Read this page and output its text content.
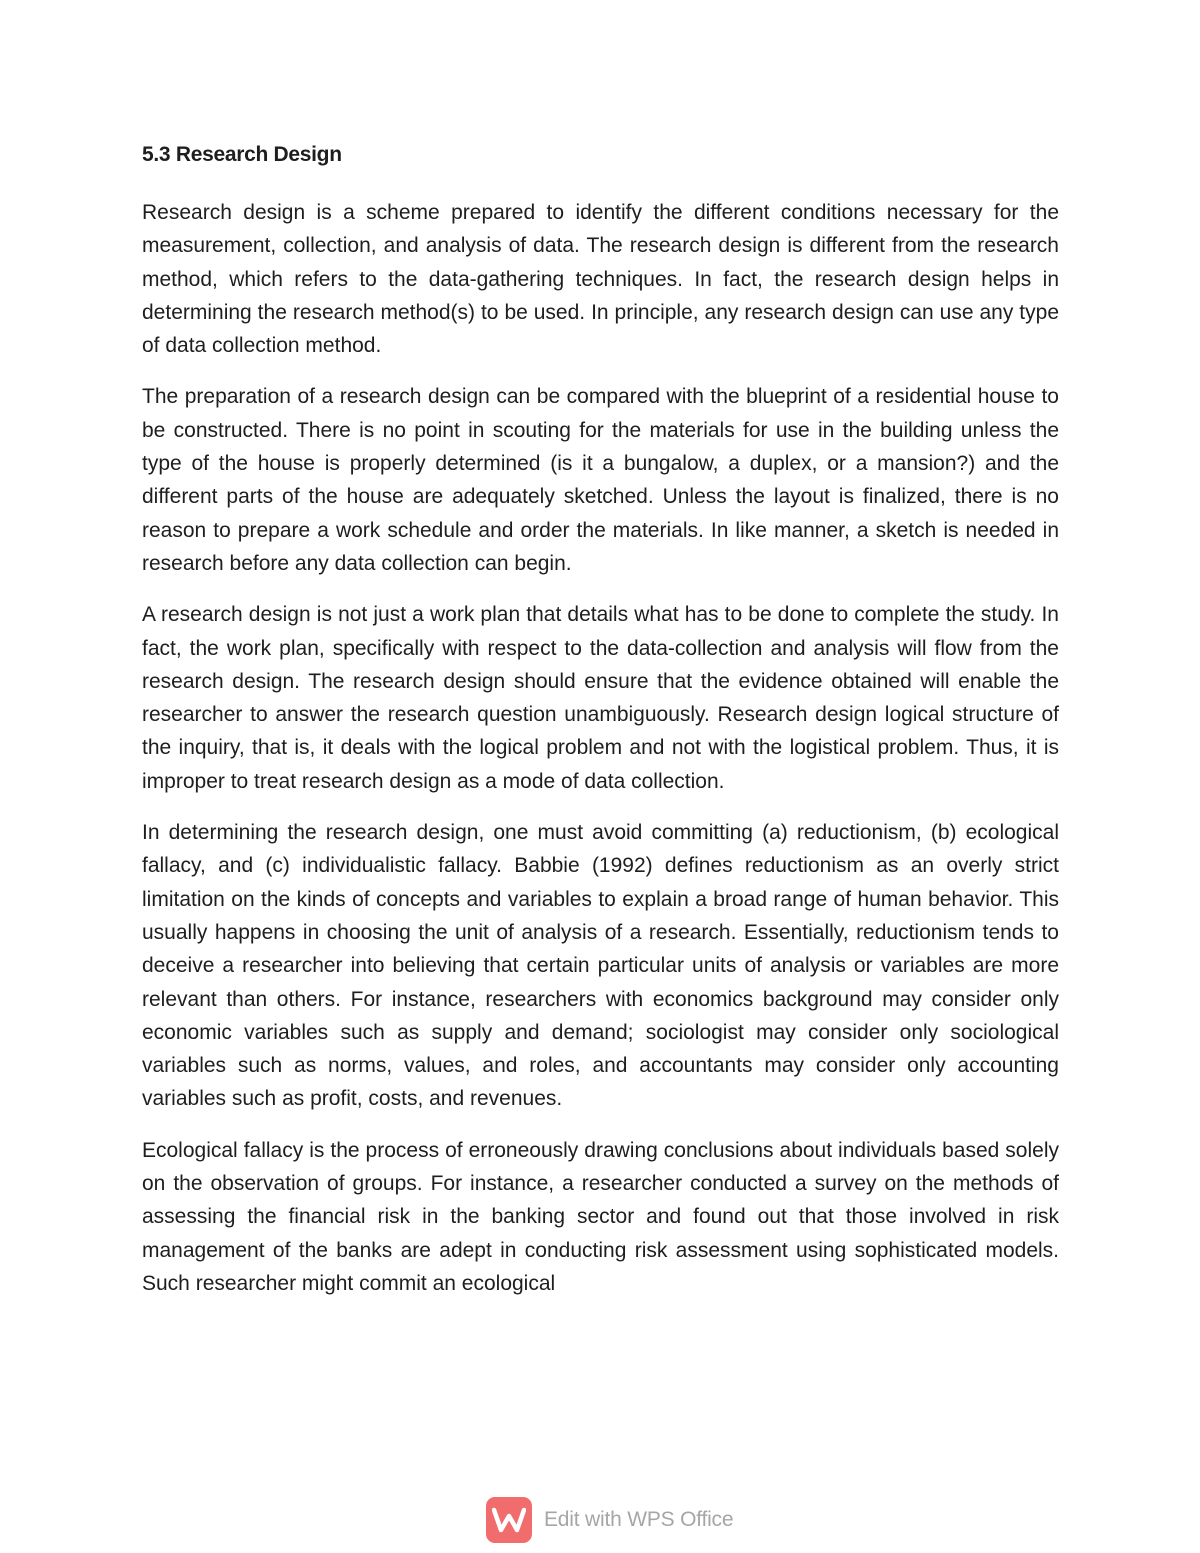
5.3 Research Design

Research design is a scheme prepared to identify the different conditions necessary for the measurement, collection, and analysis of data. The research design is different from the research method, which refers to the data-gathering techniques. In fact, the research design helps in determining the research method(s) to be used. In principle, any research design can use any type of data collection method.

The preparation of a research design can be compared with the blueprint of a residential house to be constructed. There is no point in scouting for the materials for use in the building unless the type of the house is properly determined (is it a bungalow, a duplex, or a mansion?) and the different parts of the house are adequately sketched. Unless the layout is finalized, there is no reason to prepare a work schedule and order the materials. In like manner, a sketch is needed in research before any data collection can begin.

A research design is not just a work plan that details what has to be done to complete the study. In fact, the work plan, specifically with respect to the data-collection and analysis will flow from the research design. The research design should ensure that the evidence obtained will enable the researcher to answer the research question unambiguously. Research design logical structure of the inquiry, that is, it deals with the logical problem and not with the logistical problem. Thus, it is improper to treat research design as a mode of data collection.

In determining the research design, one must avoid committing (a) reductionism, (b) ecological fallacy, and (c) individualistic fallacy. Babbie (1992) defines reductionism as an overly strict limitation on the kinds of concepts and variables to explain a broad range of human behavior. This usually happens in choosing the unit of analysis of a research. Essentially, reductionism tends to deceive a researcher into believing that certain particular units of analysis or variables are more relevant than others. For instance, researchers with economics background may consider only economic variables such as supply and demand; sociologist may consider only sociological variables such as norms, values, and roles, and accountants may consider only accounting variables such as profit, costs, and revenues.

Ecological fallacy is the process of erroneously drawing conclusions about individuals based solely on the observation of groups. For instance, a researcher conducted a survey on the methods of assessing the financial risk in the banking sector and found out that those involved in risk management of the banks are adept in conducting risk assessment using sophisticated models. Such researcher might commit an ecological

Edit with WPS Office
